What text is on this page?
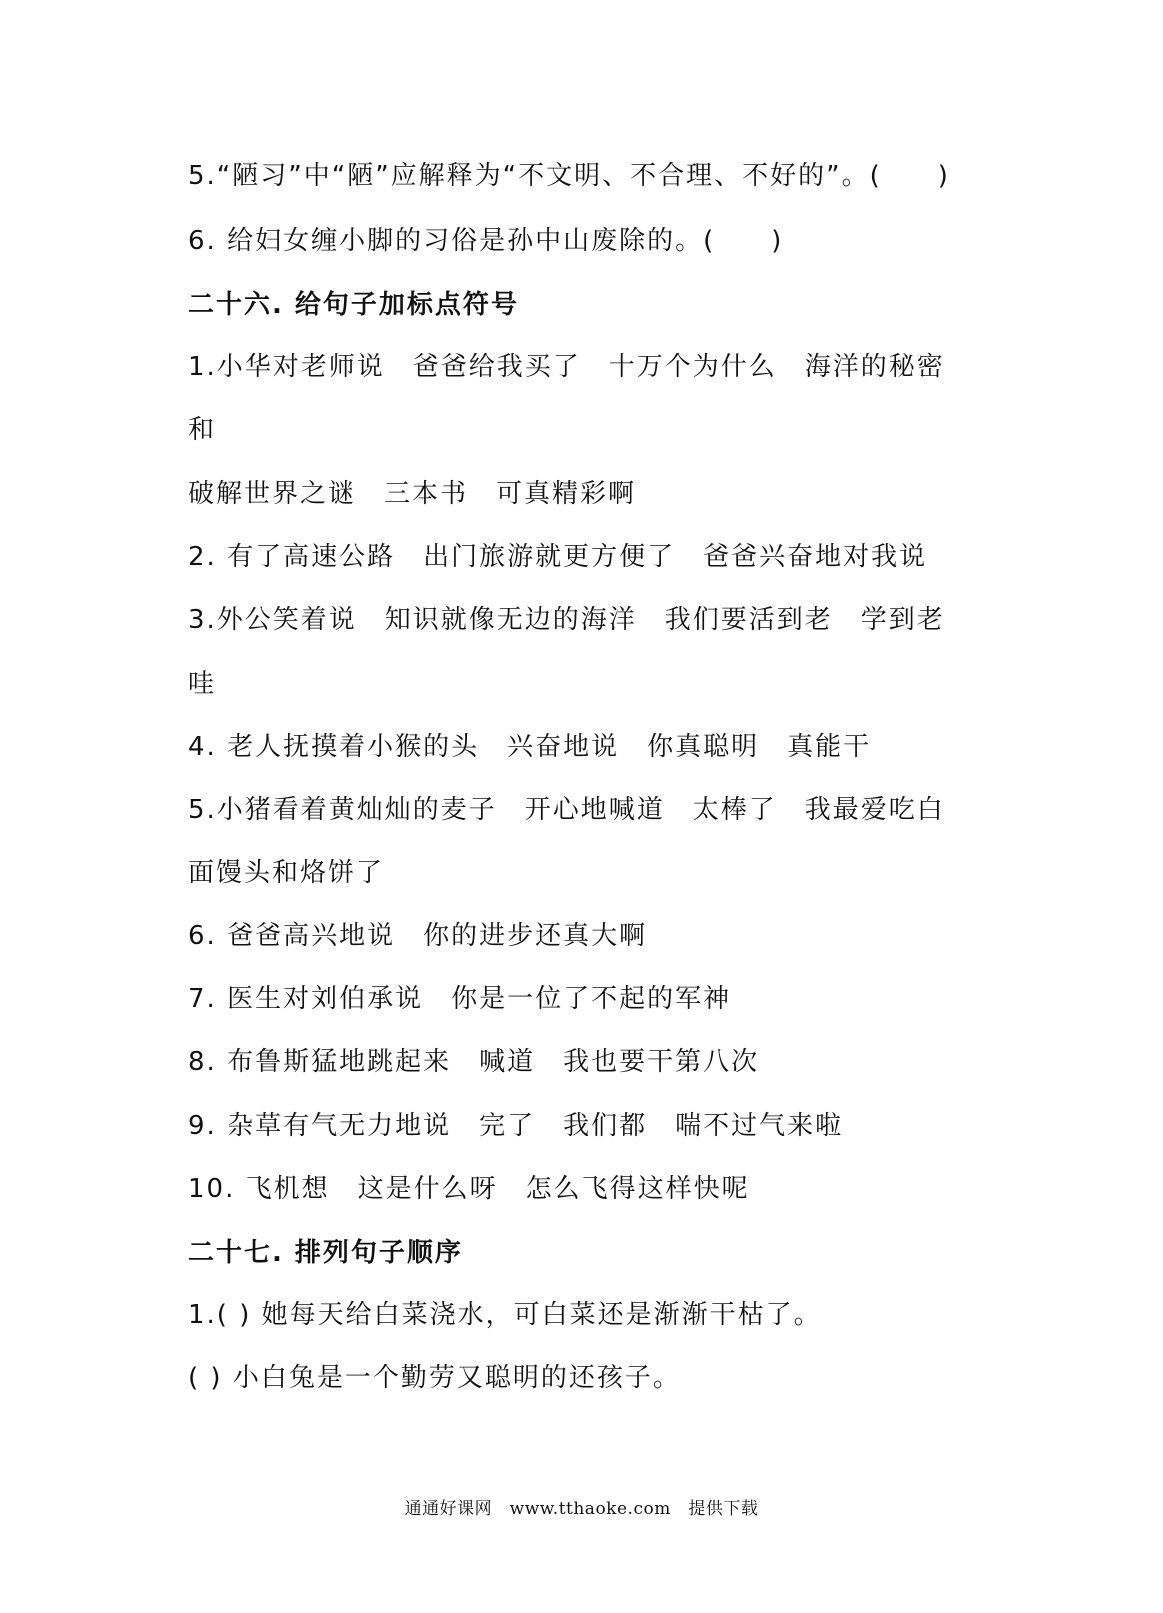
5.“陋习”中“陋”应解释为“不文明、不合理、不好的”。(　　)
6. 给妇女缠小脚的习俗是孙中山废除的。(　　)
二十六. 给句子加标点符号
1.小华对老师说　爸爸给我买了　十万个为什么　海洋的秘密
和
破解世界之谜　三本书　可真精彩啊
2. 有了高速公路　出门旅游就更方便了　爸爸兴奋地对我说
3.外公笑着说　知识就像无边的海洋　我们要活到老　学到老
哇
4. 老人抚摸着小猴的头　兴奋地说　你真聪明　真能干
5.小猪看着黄灿灿的麦子　开心地喊道　太棒了　我最爱吃白
面馒头和烙饼了
6. 爸爸高兴地说　你的进步还真大啊
7. 医生对刘伯承说　你是一位了不起的军神
8. 布鲁斯猛地跳起来　喊道　我也要干第八次
9. 杂草有气无力地说　完了　我们都　喘不过气来啦
10. 飞机想　这是什么呀　怎么飞得这样快呢
二十七. 排列句子顺序
1.( ) 她每天给白菜浇水，可白菜还是渐渐干枯了。
( ) 小白兔是一个勤劳又聪明的还孩子。
通通好课网　www.tthaoke.com　提供下载
